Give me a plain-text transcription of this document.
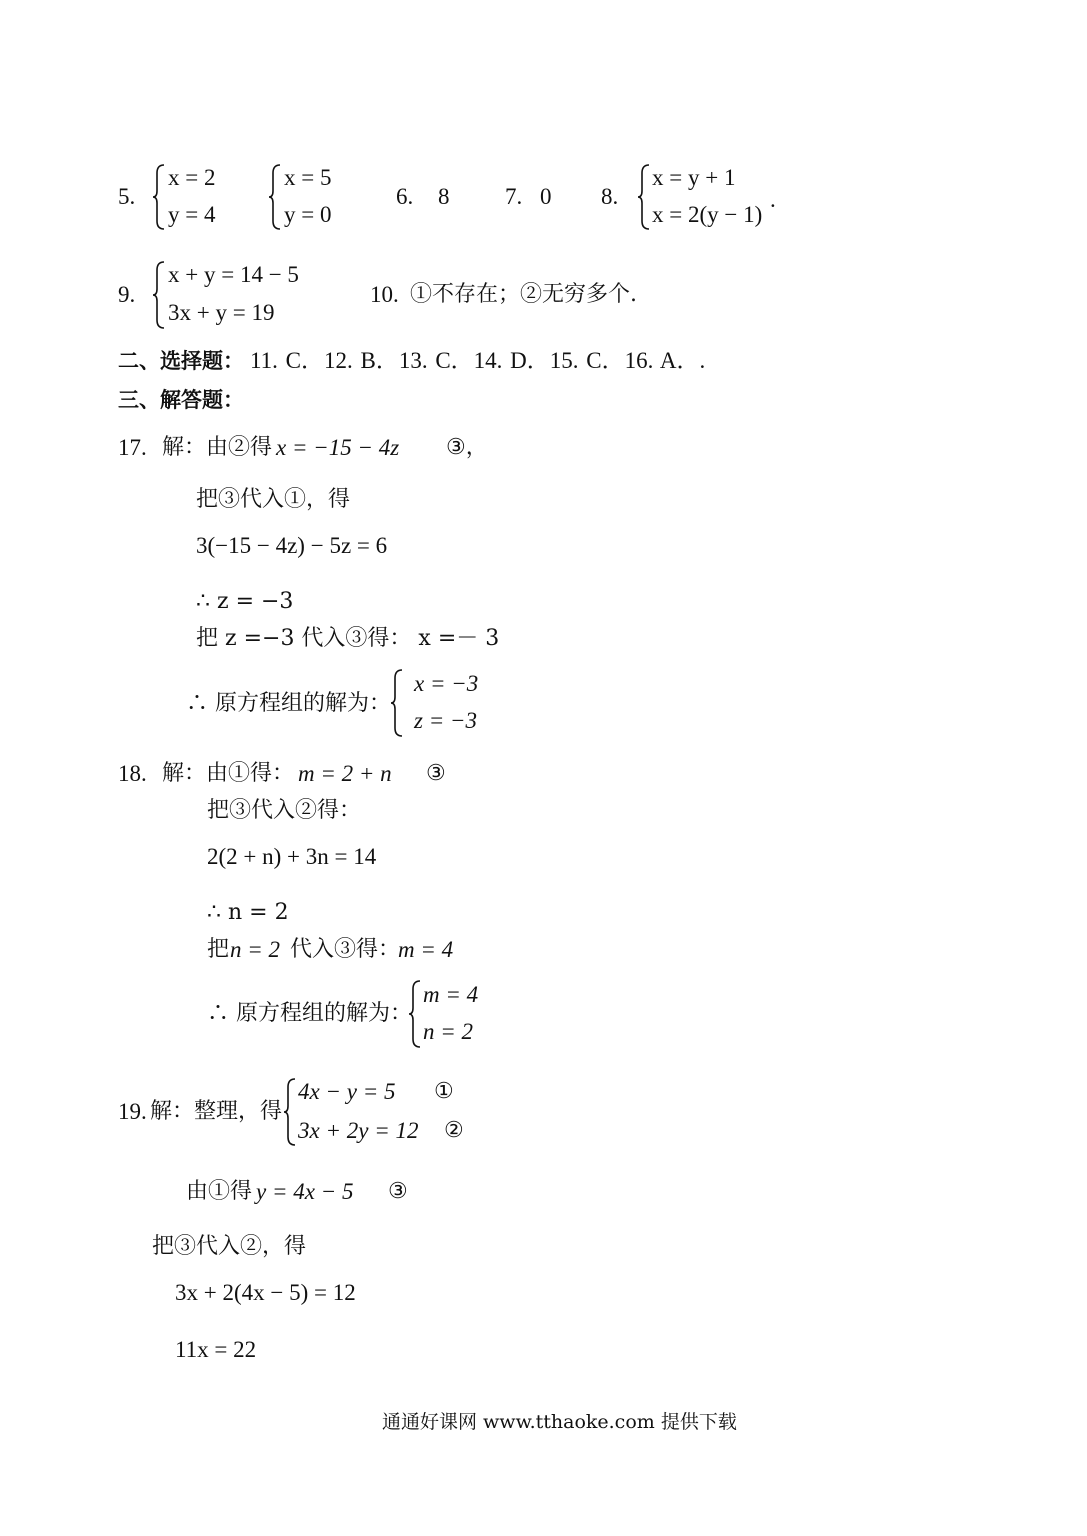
5.
x = 2
y = 4
x = 5
y = 0
6. 8 7. 0 8.
x = y + 1
x = 2(y − 1)
.
9.
x + y = 14 − 5
3x + y = 19
10. ①不存在；②无穷多个.
二、选择题： 11. C．12. B．13. C．14. D．15. C．16. A．.
三、解答题：
17. 解：由②得 x = −15 − 4z ③，
把③代入①，得
3(−15 − 4z) − 5z = 6
∴ z = −3
把 z =−3 代入③得： x =－ 3
∴ 原方程组的解为：
x = −3
z = −3
18. 解：由①得： m = 2 + n ③
把③代入②得：
2(2 + n) + 3n = 14
∴ n = 2
把 n = 2 代入③得：
m = 4
∴ 原方程组的解为：
m = 4
n = 2
19. 解：整理，得
4x − y = 5
3x + 2y = 12
①
②
由①得 y = 4x − 5 ③
把③代入②，得
3x + 2(4x − 5) = 12
11x = 22
通通好课网 www.tthaoke.com 提供下载
